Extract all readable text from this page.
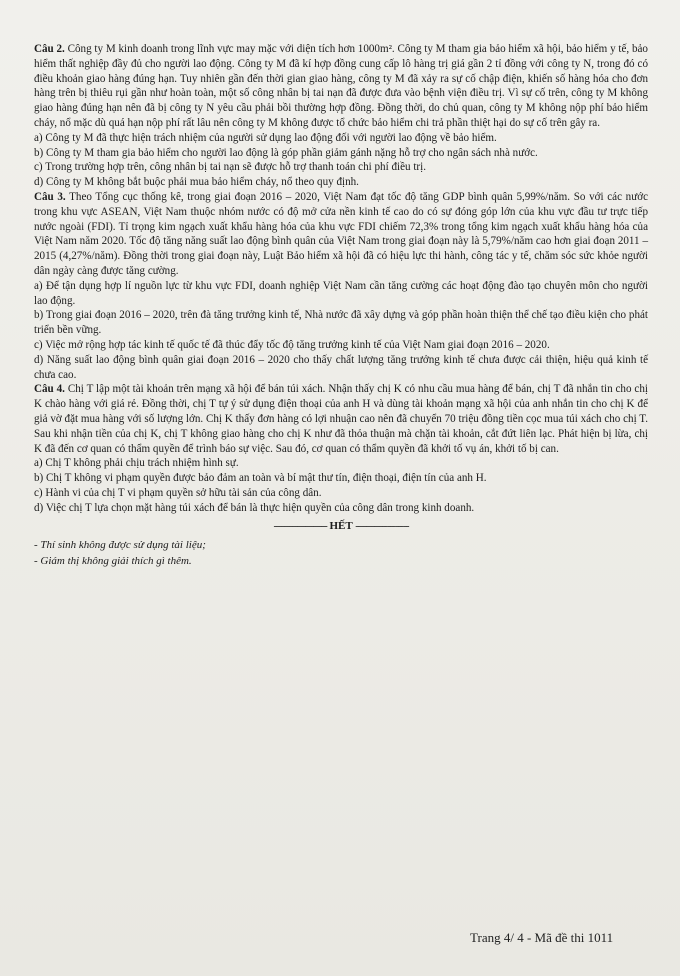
Câu 2. Công ty M kinh doanh trong lĩnh vực may mặc với diện tích hơn 1000m². Công ty M tham gia bảo hiểm xã hội, bảo hiểm y tế, bảo hiểm thất nghiệp đầy đủ cho người lao động. Công ty M đã kí hợp đồng cung cấp lô hàng trị giá gần 2 tỉ đồng với công ty N, trong đó có điều khoản giao hàng đúng hạn. Tuy nhiên gần đến thời gian giao hàng, công ty M đã xảy ra sự cố chập điện, khiến số hàng hóa cho đơn hàng trên bị thiêu rụi gần như hoàn toàn, một số công nhân bị tai nạn đã được đưa vào bệnh viện điều trị. Vì sự cố trên, công ty M không giao hàng đúng hạn nên đã bị công ty N yêu cầu phải bồi thường hợp đồng. Đồng thời, do chủ quan, công ty M không nộp phí bảo hiểm cháy, nổ mặc dù quá hạn nộp phí rất lâu nên công ty M không được tổ chức bảo hiểm chi trả phần thiệt hại do sự cố trên gây ra.

a) Công ty M đã thực hiện trách nhiệm của người sử dụng lao động đối với người lao động về bảo hiểm.

b) Công ty M tham gia bảo hiểm cho người lao động là góp phần giảm gánh nặng hỗ trợ cho ngân sách nhà nước.

c) Trong trường hợp trên, công nhân bị tai nạn sẽ được hỗ trợ thanh toán chi phí điều trị.

d) Công ty M không bắt buộc phải mua bảo hiểm cháy, nổ theo quy định.

Câu 3. Theo Tổng cục thống kê, trong giai đoạn 2016 – 2020, Việt Nam đạt tốc độ tăng GDP bình quân 5,99%/năm. So với các nước trong khu vực ASEAN, Việt Nam thuộc nhóm nước có độ mở cửa nền kinh tế cao do có sự đóng góp lớn của khu vực đầu tư trực tiếp nước ngoài (FDI). Tỉ trọng kim ngạch xuất khẩu hàng hóa của khu vực FDI chiếm 72,3% trong tổng kim ngạch xuất khẩu hàng hóa của Việt Nam năm 2020. Tốc độ tăng năng suất lao động bình quân của Việt Nam trong giai đoạn này là 5,79%/năm cao hơn giai đoạn 2011 – 2015 (4,27%/năm). Đồng thời trong giai đoạn này, Luật Bảo hiểm xã hội đã có hiệu lực thi hành, công tác y tế, chăm sóc sức khỏe người dân ngày càng được tăng cường.

a) Để tận dụng hợp lí nguồn lực từ khu vực FDI, doanh nghiệp Việt Nam cần tăng cường các hoạt động đào tạo chuyên môn cho người lao động.

b) Trong giai đoạn 2016 – 2020, trên đà tăng trưởng kinh tế, Nhà nước đã xây dựng và góp phần hoàn thiện thể chế tạo điều kiện cho phát triển bền vững.

c) Việc mở rộng hợp tác kinh tế quốc tế đã thúc đẩy tốc độ tăng trưởng kinh tế của Việt Nam giai đoạn 2016 – 2020.

d) Năng suất lao động bình quân giai đoạn 2016 – 2020 cho thấy chất lượng tăng trưởng kinh tế chưa được cải thiện, hiệu quả kinh tế chưa cao.

Câu 4. Chị T lập một tài khoản trên mạng xã hội để bán túi xách. Nhận thấy chị K có nhu cầu mua hàng để bán, chị T đã nhắn tin cho chị K chào hàng với giá rẻ. Đồng thời, chị T tự ý sử dụng điện thoại của anh H và dùng tài khoản mạng xã hội của anh nhắn tin cho chị K để giả vờ đặt mua hàng với số lượng lớn. Chị K thấy đơn hàng có lợi nhuận cao nên đã chuyển 70 triệu đồng tiền cọc mua túi xách cho chị T. Sau khi nhận tiền của chị K, chị T không giao hàng cho chị K như đã thỏa thuận mà chặn tài khoản, cắt đứt liên lạc. Phát hiện bị lừa, chị K đã đến cơ quan có thẩm quyền để trình báo sự việc. Sau đó, cơ quan có thẩm quyền đã khởi tố vụ án, khởi tố bị can.

a) Chị T không phải chịu trách nhiệm hình sự.

b) Chị T không vi phạm quyền được bảo đảm an toàn và bí mật thư tín, điện thoại, điện tín của anh H.

c) Hành vi của chị T vi phạm quyền sở hữu tài sản của công dân.

d) Việc chị T lựa chọn mặt hàng túi xách để bán là thực hiện quyền của công dân trong kinh doanh.

-------------------- HẾT --------------------
- Thí sinh không được sử dụng tài liệu;
- Giám thị không giải thích gì thêm.
Trang 4/ 4 - Mã đề thi 1011
